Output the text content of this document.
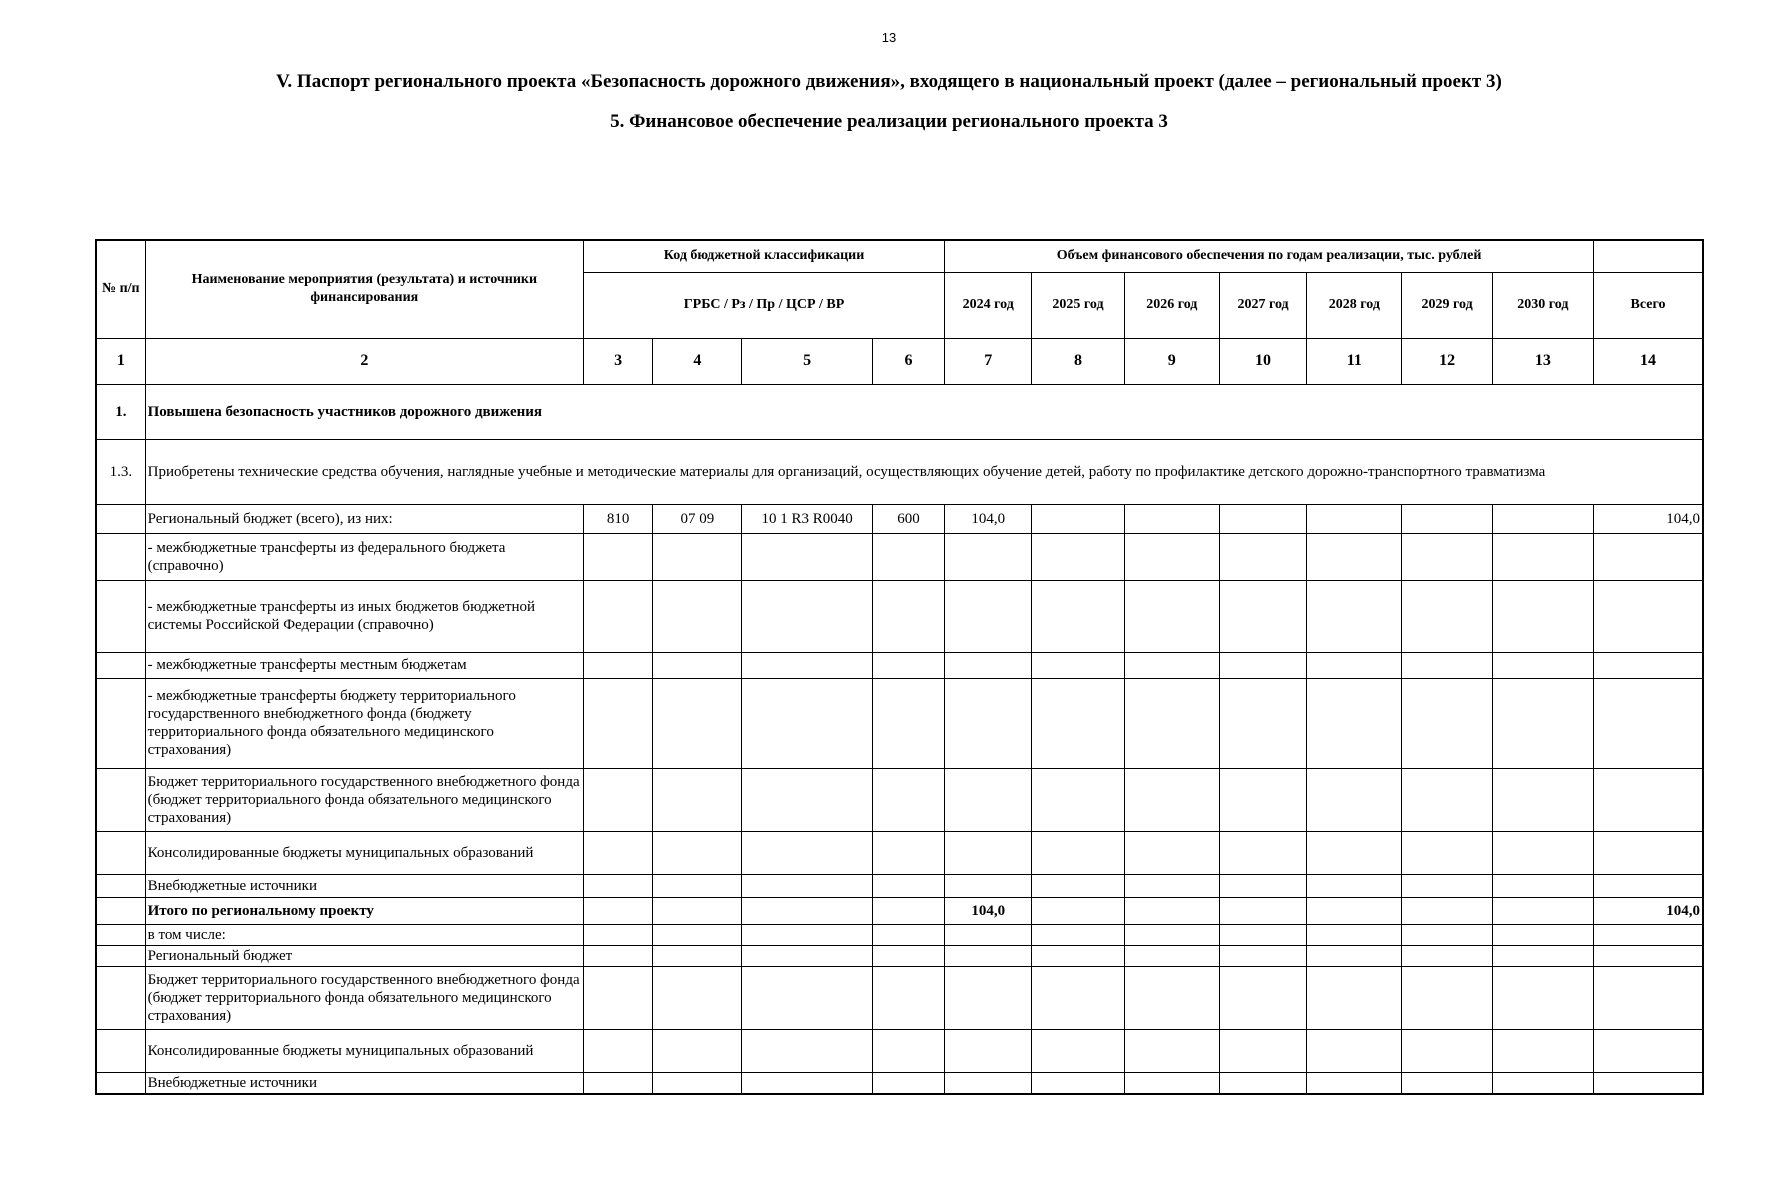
13
V. Паспорт регионального проекта «Безопасность дорожного движения», входящего в национальный проект (далее – региональный проект 3)
5. Финансовое обеспечение реализации регионального проекта 3
№ п/п	Наименование мероприятия (результата) и источники финансирования	Код бюджетной классификации				Объем финансового обеспечения по годам реализации, тыс. рублей							
		ГРБС / Рз / Пр / ЦСР / ВР				2024 год	2025 год	2026 год	2027 год	2028 год	2029 год	2030 год	Всего
1	2	3	4	5	6	7	8	9	10	11	12	13	14
1.	Повышена безопасность участников дорожного движения												
1.3.	Приобретены технические средства обучения, наглядные учебные и методические материалы для организаций, осуществляющих обучение детей, работу по профилактике детского дорожно-транспортного травматизма												
	Региональный бюджет (всего), из них:	810	07 09	10 1 R3 R0040	600	104,0							104,0
	- межбюджетные трансферты из федерального бюджета (справочно)												
	- межбюджетные трансферты из иных бюджетов бюджетной системы Российской Федерации (справочно)												
	- межбюджетные трансферты местным бюджетам												
	- межбюджетные трансферты бюджету территориального государственного внебюджетного фонда (бюджету территориального фонда обязательного медицинского страхования)												
	Бюджет территориального государственного внебюджетного фонда (бюджет территориального фонда обязательного медицинского страхования)												
	Консолидированные бюджеты муниципальных образований												
	Внебюджетные источники												
	Итого по региональному проекту					104,0							104,0
	в том числе:												
	Региональный бюджет												
	Бюджет территориального государственного внебюджетного фонда (бюджет территориального фонда обязательного медицинского страхования)												
	Консолидированные бюджеты муниципальных образований												
	Внебюджетные источники												
